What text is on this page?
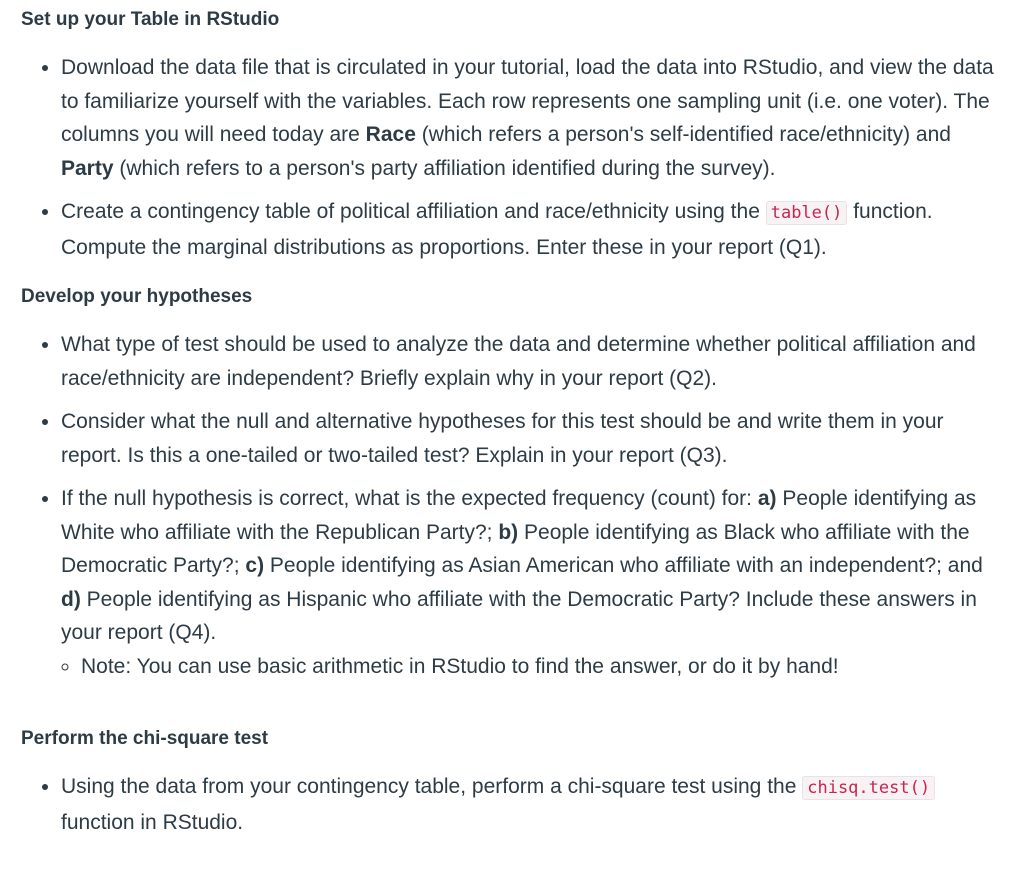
Set up your Table in RStudio
• Download the data file that is circulated in your tutorial, load the data into RStudio, and view the data to familiarize yourself with the variables. Each row represents one sampling unit (i.e. one voter). The columns you will need today are Race (which refers a person's self-identified race/ethnicity) and Party (which refers to a person's party affiliation identified during the survey).
• Create a contingency table of political affiliation and race/ethnicity using the table() function. Compute the marginal distributions as proportions. Enter these in your report (Q1).
Develop your hypotheses
• What type of test should be used to analyze the data and determine whether political affiliation and race/ethnicity are independent? Briefly explain why in your report (Q2).
• Consider what the null and alternative hypotheses for this test should be and write them in your report. Is this a one-tailed or two-tailed test? Explain in your report (Q3).
• If the null hypothesis is correct, what is the expected frequency (count) for: a) People identifying as White who affiliate with the Republican Party?; b) People identifying as Black who affiliate with the Democratic Party?; c) People identifying as Asian American who affiliate with an independent?; and d) People identifying as Hispanic who affiliate with the Democratic Party? Include these answers in your report (Q4).
◦ Note: You can use basic arithmetic in RStudio to find the answer, or do it by hand!
Perform the chi-square test
• Using the data from your contingency table, perform a chi-square test using the chisq.test() function in RStudio.
